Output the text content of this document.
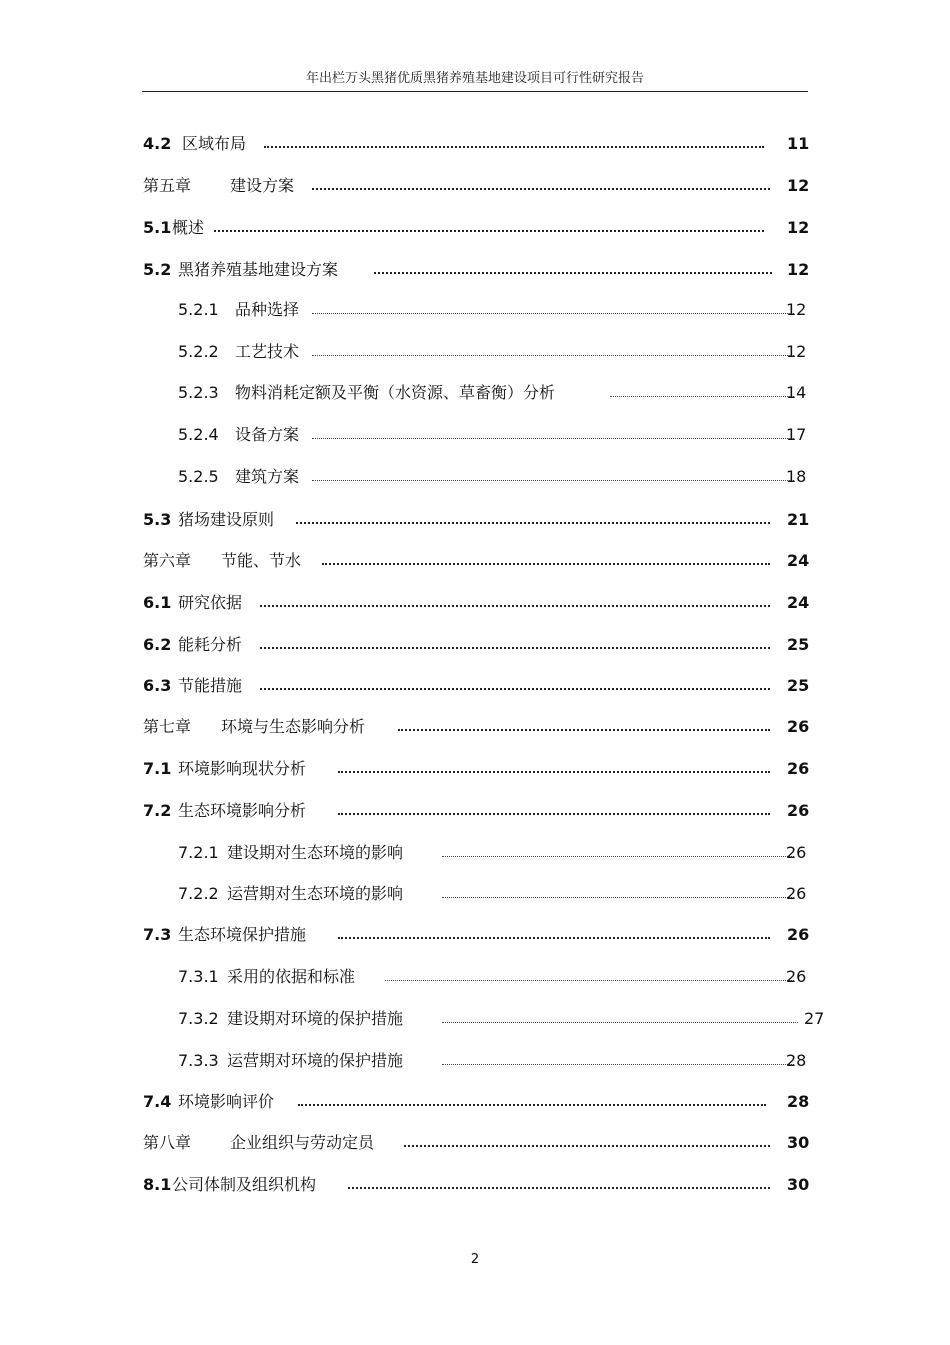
年出栏万头黑猪优质黑猪养殖基地建设项目可行性研究报告
4.2 区域布局	11
第五章 建设方案	12
5.1 概述	12
5.2 黑猪养殖基地建设方案	12
5.2.1 品种选择	12
5.2.2 工艺技术	12
5.2.3 物料消耗定额及平衡（水资源、草畜衡）分析	14
5.2.4 设备方案	17
5.2.5 建筑方案	18
5.3 猪场建设原则	21
第六章 节能、节水	24
6.1 研究依据	24
6.2 能耗分析	25
6.3 节能措施	25
第七章 环境与生态影响分析	26
7.1 环境影响现状分析	26
7.2 生态环境影响分析	26
7.2.1 建设期对生态环境的影响	26
7.2.2 运营期对生态环境的影响	26
7.3 生态环境保护措施	26
7.3.1 采用的依据和标准	26
7.3.2 建设期对环境的保护措施	27
7.3.3 运营期对环境的保护措施	28
7.4 环境影响评价	28
第八章 企业组织与劳动定员	30
8.1 公司体制及组织机构	30
2
